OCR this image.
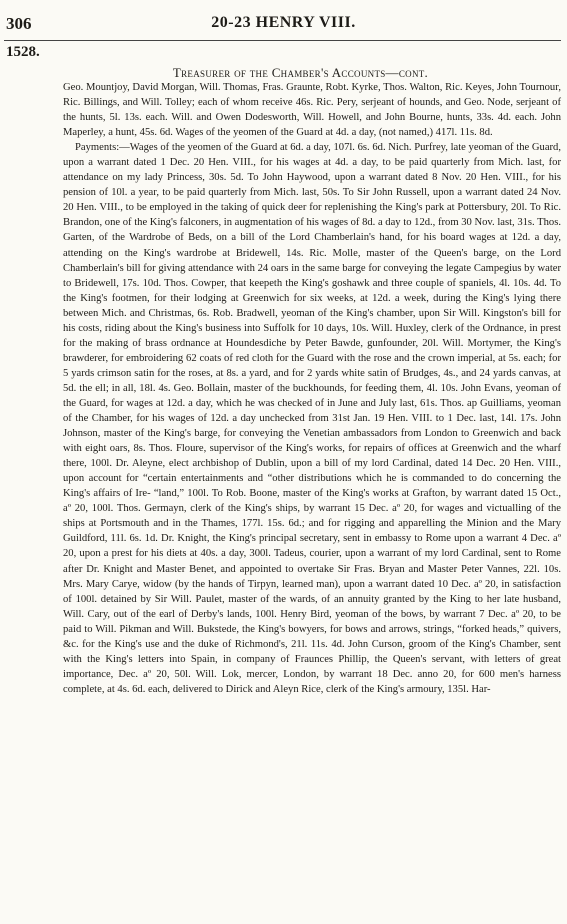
306	20-23 HENRY VIII.
1528.
Treasurer of the Chamber's Accounts—cont.

Geo. Mountjoy, David Morgan, Will. Thomas, Fras. Graunte, Robt. Kyrke, Thos. Walton, Ric. Keyes, John Tournour, Ric. Billings, and Will. Tolley; each of whom receive 46s. Ric. Pery, serjeant of hounds, and Geo. Node, serjeant of the hunts, 5l. 13s. each. Will. and Owen Dodesworth, Will. Howell, and John Bourne, hunts, 33s. 4d. each. John Maperley, a hunt, 45s. 6d. Wages of the yeomen of the Guard at 4d. a day, (not named,) 417l. 11s. 8d.

Payments:—Wages of the yeomen of the Guard at 6d. a day, 107l. 6s. 6d. Nich. Purfrey, late yeoman of the Guard, upon a warrant dated 1 Dec. 20 Hen. VIII., for his wages at 4d. a day, to be paid quarterly from Mich. last, for attendance on my lady Princess, 30s. 5d. To John Haywood, upon a warrant dated 8 Nov. 20 Hen. VIII., for his pension of 10l. a year, to be paid quarterly from Mich. last, 50s. To Sir John Russell, upon a warrant dated 24 Nov. 20 Hen. VIII., to be employed in the taking of quick deer for replenishing the King's park at Pottersbury, 20l. To Ric. Brandon, one of the King's falconers, in augmentation of his wages of 8d. a day to 12d., from 30 Nov. last, 31s. Thos. Garten, of the Wardrobe of Beds, on a bill of the Lord Chamberlain's hand, for his board wages at 12d. a day, attending on the King's wardrobe at Bridewell, 14s. Ric. Molle, master of the Queen's barge, on the Lord Chamberlain's bill for giving attendance with 24 oars in the same barge for conveying the legate Campegius by water to Bridewell, 17s. 10d. Thos. Cowper, that keepeth the King's goshawk and three couple of spaniels, 4l. 10s. 4d. To the King's footmen, for their lodging at Greenwich for six weeks, at 12d. a week, during the King's lying there between Mich. and Christmas, 6s. Rob. Bradwell, yeoman of the King's chamber, upon Sir Will. Kingston's bill for his costs, riding about the King's business into Suffolk for 10 days, 10s. Will. Huxley, clerk of the Ordnance, in prest for the making of brass ordnance at Houndesdiche by Peter Bawde, gunfounder, 20l. Will. Mortymer, the King's brawderer, for embroidering 62 coats of red cloth for the Guard with the rose and the crown imperial, at 5s. each; for 5 yards crimson satin for the roses, at 8s. a yard, and for 2 yards white satin of Brudges, 4s., and 24 yards canvas, at 5d. the ell; in all, 18l. 4s. Geo. Bollain, master of the buckhounds, for feeding them, 4l. 10s. John Evans, yeoman of the Guard, for wages at 12d. a day, which he was checked of in June and July last, 61s. Thos. ap Guilliams, yeoman of the Chamber, for his wages of 12d. a day unchecked from 31st Jan. 19 Hen. VIII. to 1 Dec. last, 14l. 17s. John Johnson, master of the King's barge, for conveying the Venetian ambassadors from London to Greenwich and back with eight oars, 8s. Thos. Floure, supervisor of the King's works, for repairs of offices at Greenwich and the wharf there, 100l. Dr. Aleyne, elect archbishop of Dublin, upon a bill of my lord Cardinal, dated 14 Dec. 20 Hen. VIII., upon account for “certain entertainments and “other distributions which he is commanded to do concerning the King's affairs of Ire- “land,” 100l. To Rob. Boone, master of the King's works at Grafton, by warrant dated 15 Oct., aº 20, 100l. Thos. Germayn, clerk of the King's ships, by warrant 15 Dec. aº 20, for wages and victualling of the ships at Portsmouth and in the Thames, 177l. 15s. 6d.; and for rigging and apparelling the Minion and the Mary Guildford, 11l. 6s. 1d. Dr. Knight, the King's principal secretary, sent in embassy to Rome upon a warrant 4 Dec. aº 20, upon a prest for his diets at 40s. a day, 300l. Tadeus, courier, upon a warrant of my lord Cardinal, sent to Rome after Dr. Knight and Master Benet, and appointed to overtake Sir Fras. Bryan and Master Peter Vannes, 22l. 10s. Mrs. Mary Carye, widow (by the hands of Tirpyn, learned man), upon a warrant dated 10 Dec. aº 20, in satisfaction of 100l. detained by Sir Will. Paulet, master of the wards, of an annuity granted by the King to her late husband, Will. Cary, out of the earl of Derby's lands, 100l. Henry Bird, yeoman of the bows, by warrant 7 Dec. aº 20, to be paid to Will. Pikman and Will. Bukstede, the King's bowyers, for bows and arrows, strings, “forked heads,” quivers, &c. for the King's use and the duke of Richmond's, 21l. 11s. 4d. John Curson, groom of the King's Chamber, sent with the King's letters into Spain, in company of Fraunces Phillip, the Queen's servant, with letters of great importance, Dec. aº 20, 50l. Will. Lok, mercer, London, by warrant 18 Dec. anno 20, for 600 men's harness complete, at 4s. 6d. each, delivered to Dirick and Aleyn Rice, clerk of the King's armoury, 135l. Har-
